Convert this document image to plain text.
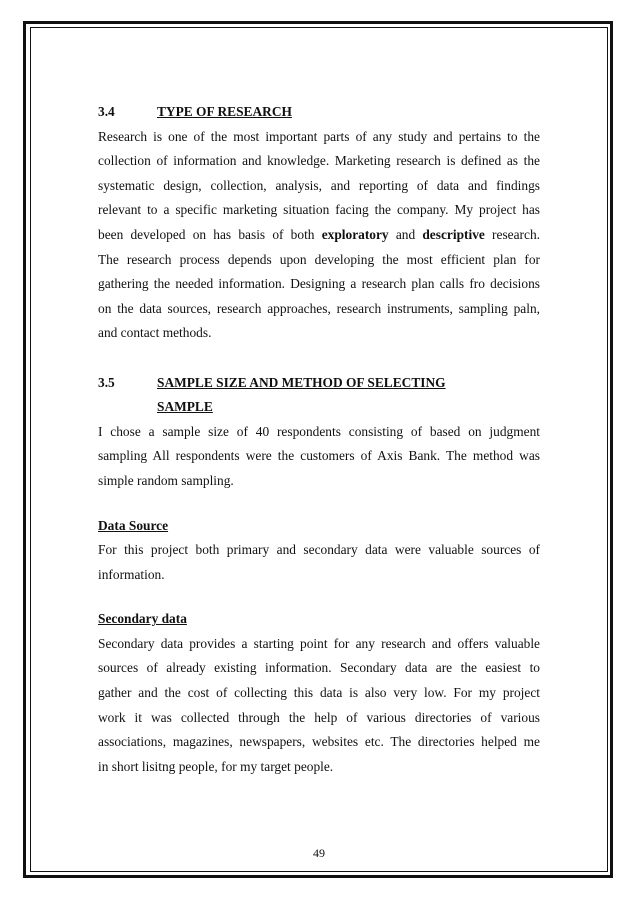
3.4	TYPE OF RESEARCH
Research is one of the most important parts of any study and pertains to the
collection of information and knowledge. Marketing research is defined as the
systematic design, collection, analysis, and reporting of data and findings
relevant to a specific marketing situation facing the company. My project has
been developed on has basis of both exploratory and descriptive research.
The research process depends upon developing the most efficient plan for
gathering the needed information. Designing a research plan calls fro decisions
on the data sources, research approaches, research instruments, sampling paln,
and contact methods.
3.5	SAMPLE SIZE AND METHOD OF SELECTING
SAMPLE
I chose a sample size of 40 respondents consisting of based on judgment
sampling All respondents were the customers of Axis Bank. The method was
simple random sampling.
Data Source
For this project both primary and secondary data were valuable sources of
information.
Secondary data
Secondary data provides a starting point for any research and offers valuable
sources of already existing information. Secondary data are the easiest to
gather and the cost of collecting this data is also very low. For my project
work it was collected through the help of various directories of various
associations, magazines, newspapers, websites etc. The directories helped me
in short lisitng people, for my target people.
49
